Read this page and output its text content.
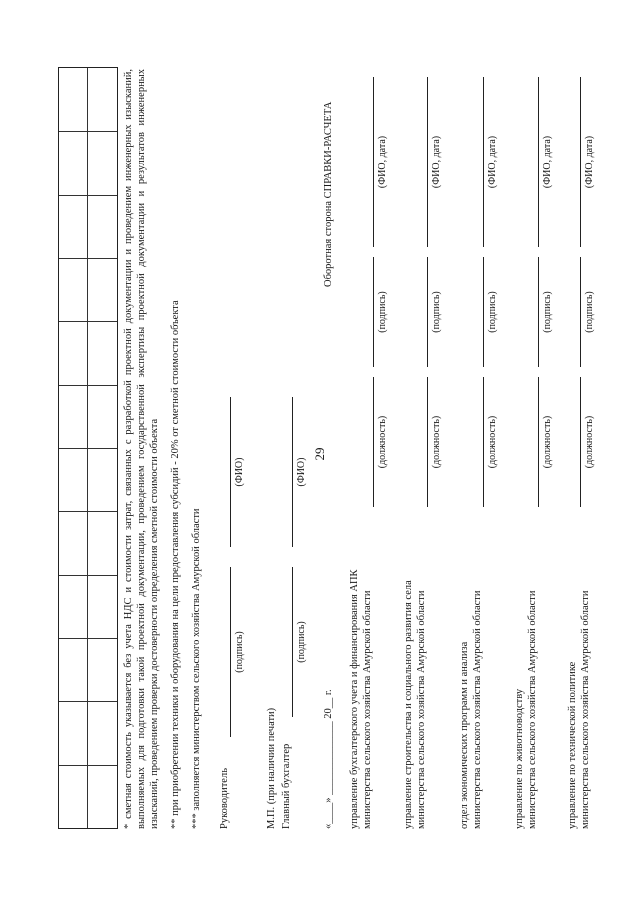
29

* сметная стоимость указывается без учета НДС и стоимости затрат, связанных с разработкой проектной документации и проведением инженерных изысканий, выполняемых для подготовки такой проектной документации, проведением государственной экспертизы проектной документации и результатов инженерных изысканий, проведением проверки достоверности определения сметной стоимости объекта ** при приобретении техники и оборудования на цели предоставления субсидий - 20% от сметной стоимости объекта *** заполняется министерством сельского хозяйства Амурской области Руководитель
(подпись)
(ФИО)
М.П. (при наличии печати) Главный бухгалтер
(подпись)
(ФИО)
«____» ______________ 20__ г.
Оборотная сторона СПРАВКИ-РАСЧЕТА
управление бухгалтерского учета и финансирования АПК министерства сельского хозяйства Амурской области
(должность)
(подпись)
(ФИО, дата)
управление строительства и социального развития села министерства сельского хозяйства Амурской области
(должность)
(подпись)
(ФИО, дата)
отдел экономических программ и анализа министерства сельского хозяйства Амурской области
(должность)
(подпись)
(ФИО, дата)
управление по животноводству министерства сельского хозяйства Амурской области
(должность)
(подпись)
(ФИО, дата)
управление по технической политике министерства сельского хозяйства Амурской области
(должность)
(подпись)
(ФИО, дата)
